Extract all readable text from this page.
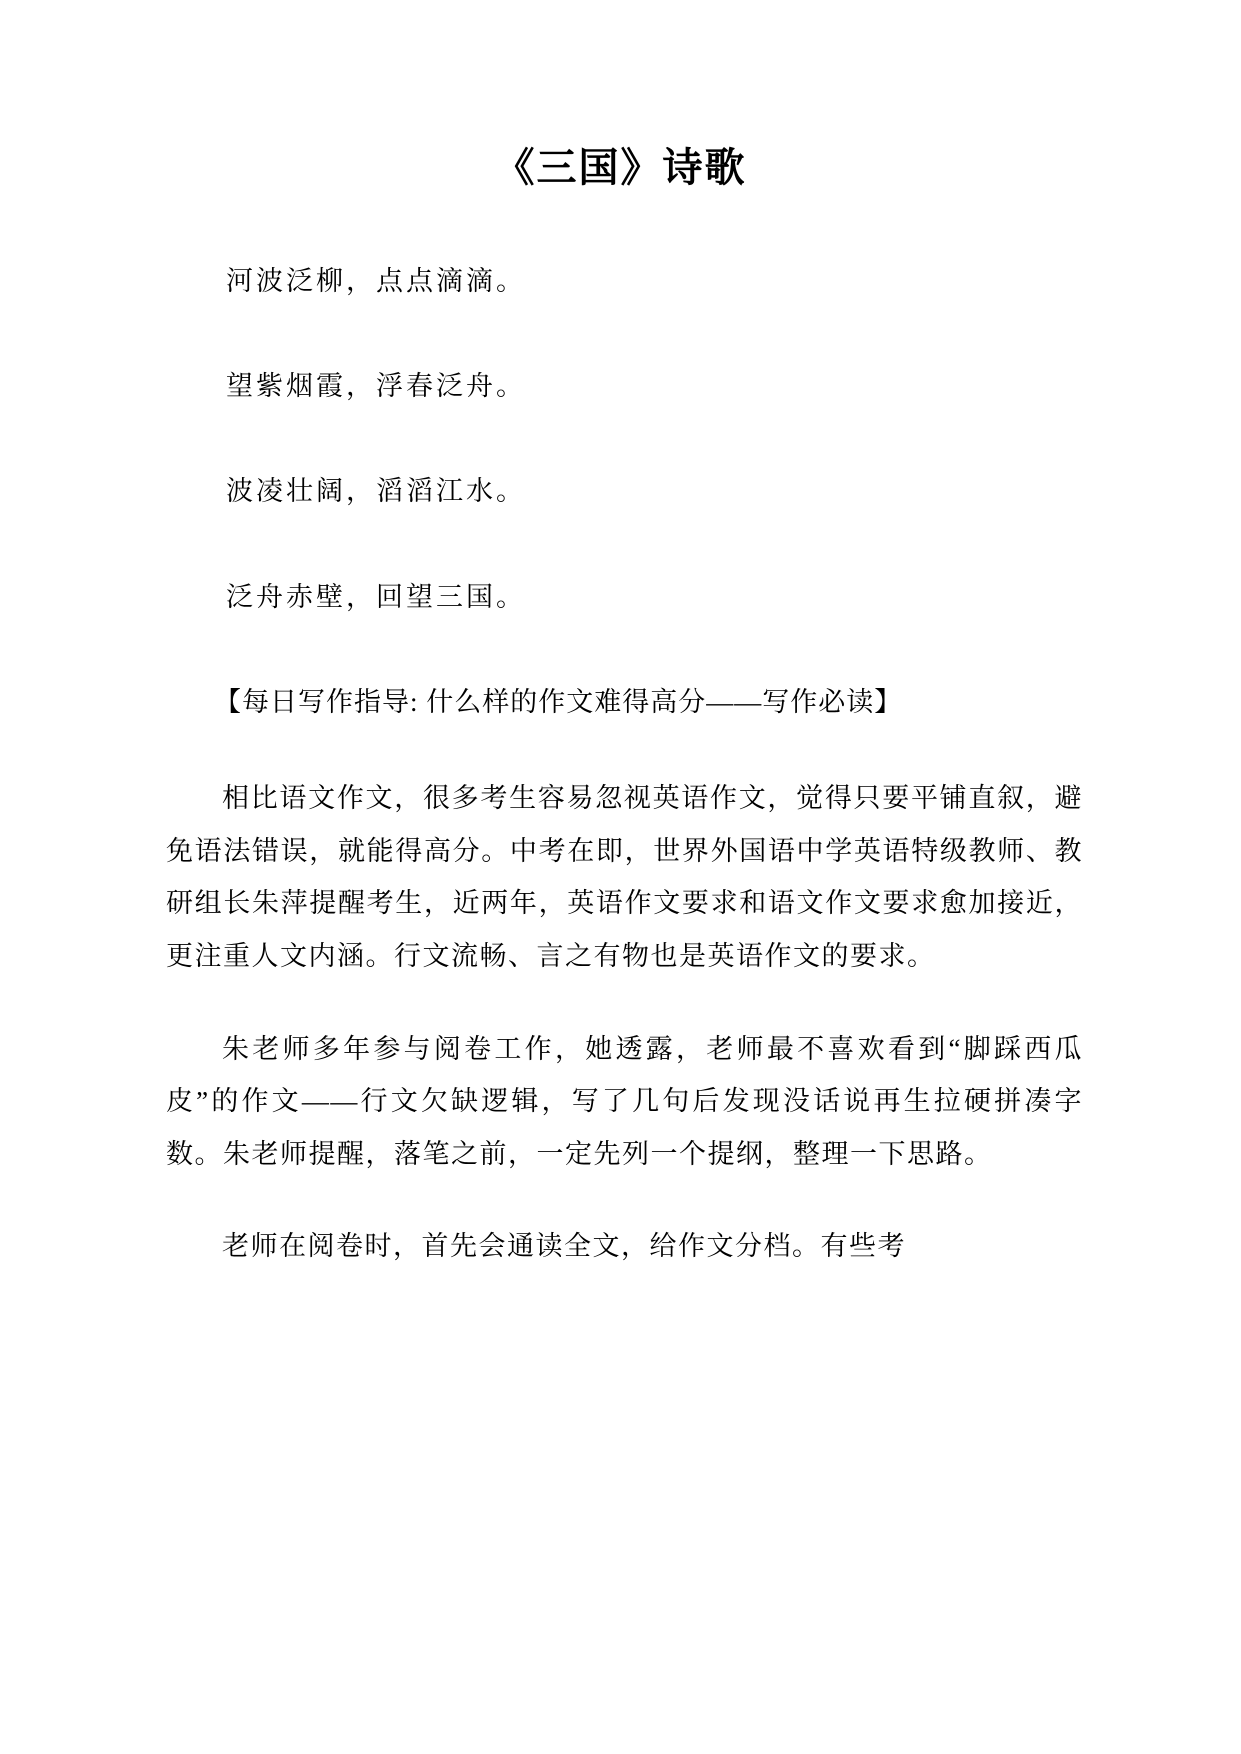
《三国》诗歌

河波泛柳，点点滴滴。

望紫烟霞，浮春泛舟。

波凌壮阔，滔滔江水。

泛舟赤壁，回望三国。

【每日写作指导: 什么样的作文难得高分——写作必读】

相比语文作文，很多考生容易忽视英语作文，觉得只要平铺直叙，避免语法错误，就能得高分。中考在即，世界外国语中学英语特级教师、教研组长朱萍提醒考生，近两年，英语作文要求和语文作文要求愈加接近，更注重人文内涵。行文流畅、言之有物也是英语作文的要求。

朱老师多年参与阅卷工作，她透露，老师最不喜欢看到“脚踩西瓜皮”的作文——行文欠缺逻辑，写了几句后发现没话说再生拉硬拼凑字数。朱老师提醒，落笔之前，一定先列一个提纲，整理一下思路。

老师在阅卷时，首先会通读全文，给作文分档。有些考
